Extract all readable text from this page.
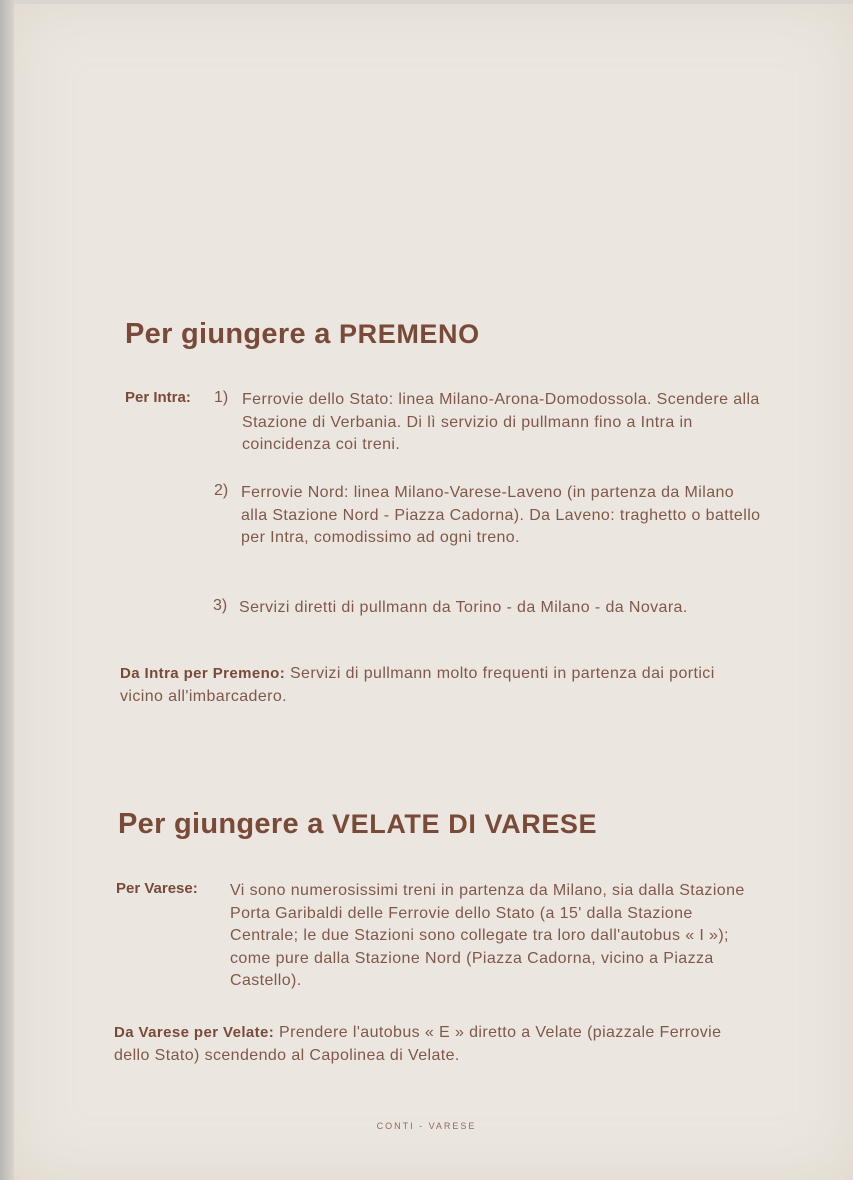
Per giungere a PREMENO
Per Intra: 1) Ferrovie dello Stato: linea Milano-Arona-Domodossola. Scendere alla Stazione di Verbania. Di lì servizio di pullmann fino a Intra in coincidenza coi treni.

2) Ferrovie Nord: linea Milano-Varese-Laveno (in partenza da Milano alla Stazione Nord - Piazza Cadorna). Da Laveno: traghetto o battello per Intra, comodissimo ad ogni treno.

3) Servizi diretti di pullmann da Torino - da Milano - da Novara.

Da Intra per Premeno: Servizi di pullmann molto frequenti in partenza dai portici vicino all'imbarcadero.

Per giungere a VELATE DI VARESE
Per Varese: Vi sono numerosissimi treni in partenza da Milano, sia dalla Stazione Porta Garibaldi delle Ferrovie dello Stato (a 15' dalla Stazione Centrale; le due Stazioni sono collegate tra loro dall'autobus « I »); come pure dalla Stazione Nord (Piazza Cadorna, vicino a Piazza Castello).

Da Varese per Velate: Prendere l'autobus « E » diretto a Velate (piazzale Ferrovie dello Stato) scendendo al Capolinea di Velate.

CONTI - VARESE
